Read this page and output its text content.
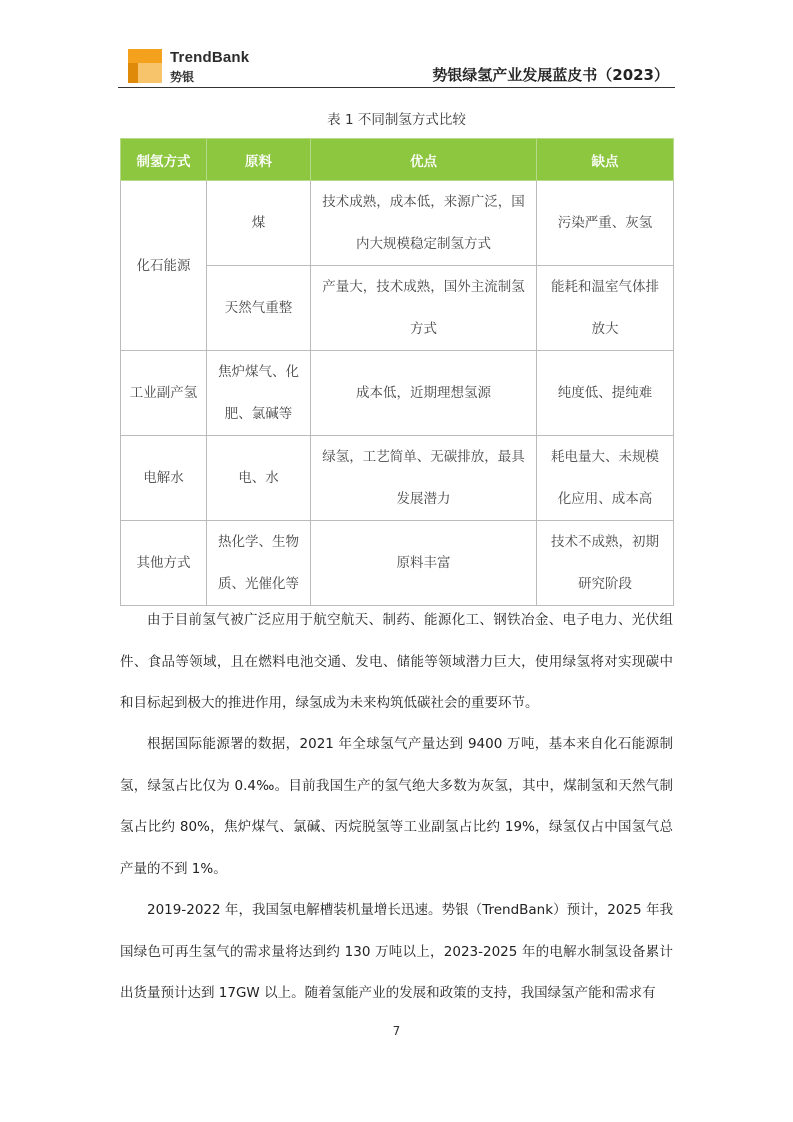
TrendBank
势银	势银绿氢产业发展蓝皮书（2023）
表 1 不同制氢方式比较
制氢方式	原料	优点	缺点
化石能源	煤	技术成熟，成本低，来源广泛，国内大规模稳定制氢方式	污染严重、灰氢
	天然气重整	产量大，技术成熟，国外主流制氢方式	能耗和温室气体排放大
工业副产氢	焦炉煤气、化肥、氯碱等	成本低，近期理想氢源	纯度低、提纯难
电解水	电、水	绿氢，工艺简单、无碳排放，最具发展潜力	耗电量大、未规模化应用、成本高
其他方式	热化学、生物质、光催化等	原料丰富	技术不成熟，初期研究阶段

由于目前氢气被广泛应用于航空航天、制药、能源化工、钢铁冶金、电子电力、光伏组件、食品等领域，且在燃料电池交通、发电、储能等领域潜力巨大，使用绿氢将对实现碳中和目标起到极大的推进作用，绿氢成为未来构筑低碳社会的重要环节。

根据国际能源署的数据，2021 年全球氢气产量达到 9400 万吨，基本来自化石能源制氢，绿氢占比仅为 0.4‰。目前我国生产的氢气绝大多数为灰氢，其中，煤制氢和天然气制氢占比约 80%，焦炉煤气、氯碱、丙烷脱氢等工业副氢占比约 19%，绿氢仅占中国氢气总产量的不到 1%。

2019-2022 年，我国氢电解槽装机量增长迅速。势银（TrendBank）预计，2025 年我国绿色可再生氢气的需求量将达到约 130 万吨以上，2023-2025 年的电解水制氢设备累计出货量预计达到 17GW 以上。随着氢能产业的发展和政策的支持，我国绿氢产能和需求有

7
